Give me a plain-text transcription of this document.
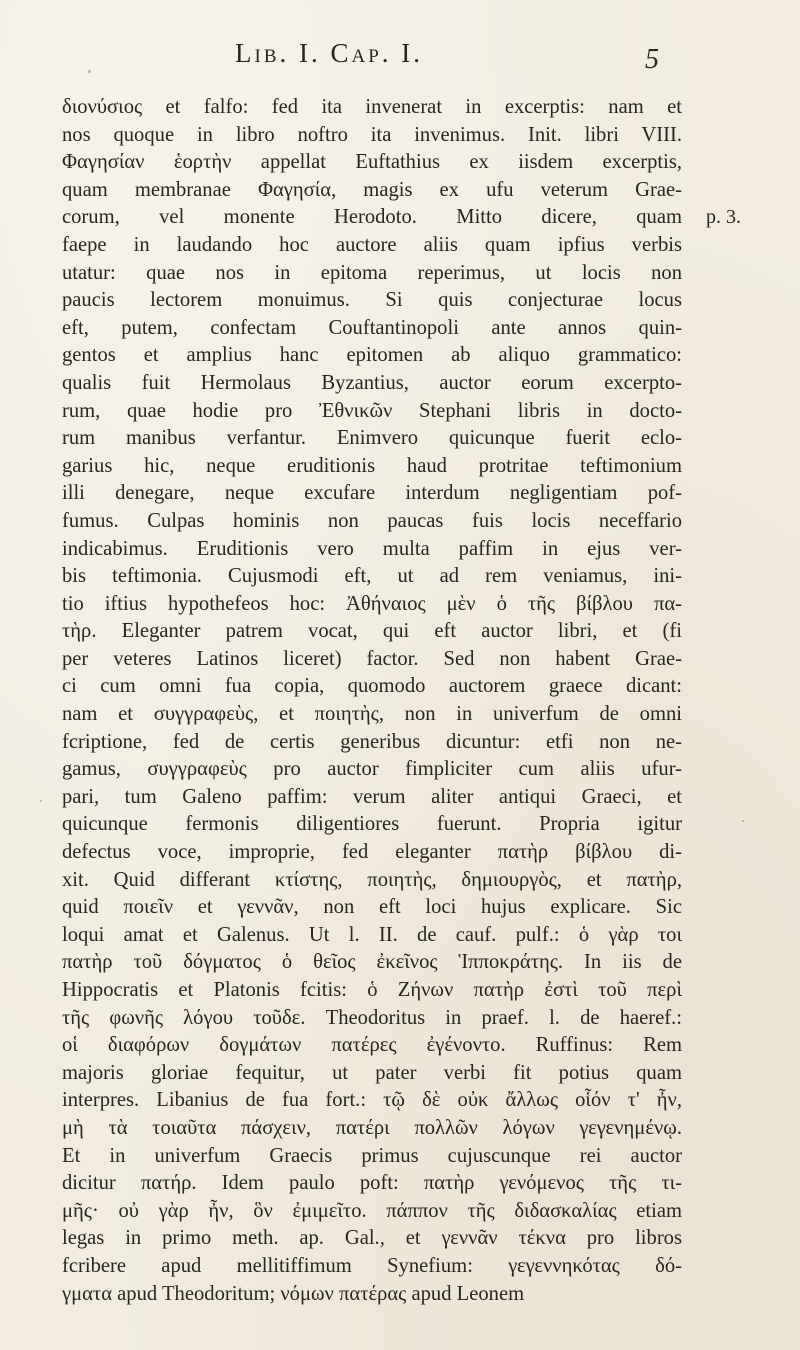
Lib. I. Cap. I.	5
διονύσιος et falfo: fed ita invenerat in excerptis: nam et
nos quoque in libro noftro ita invenimus. Init. libri VIII.
Φαγησίαν ἑορτὴν appellat Euftathius ex iisdem excerptis,
quam membranae Φαγησία, magis ex ufu veterum Grae-
corum, vel monente Herodoto. Mitto dicere, quam
faepe in laudando hoc auctore aliis quam ipfius verbis
utatur: quae nos in epitoma reperimus, ut locis non
paucis lectorem monuimus. Si quis conjecturae locus
eft, putem, confectam Couftantinopoli ante annos quin-
gentos et amplius hanc epitomen ab aliquo grammatico:
qualis fuit Hermolaus Byzantius, auctor eorum excerpto-
rum, quae hodie pro Ἐθνικῶν Stephani libris in docto-
rum manibus verfantur. Enimvero quicunque fuerit eclo-
garius hic, neque eruditionis haud protritae teftimonium
illi denegare, neque excufare interdum negligentiam pof-
fumus. Culpas hominis non paucas fuis locis neceffario
indicabimus. Eruditionis vero multa paffim in ejus ver-
bis teftimonia. Cujusmodi eft, ut ad rem veniamus, ini-
tio iftius hypothefeos hoc: Ἀθήναιος μὲν ὁ τῆς βίβλου πα-
τὴρ. Eleganter patrem vocat, qui eft auctor libri, et (fi
per veteres Latinos liceret) factor. Sed non habent Grae-
ci cum omni fua copia, quomodo auctorem graece dicant:
nam et συγγραφεὺς, et ποιητὴς, non in univerfum de omni
fcriptione, fed de certis generibus dicuntur: etfi non ne-
gamus, συγγραφεὺς pro auctor fimpliciter cum aliis ufur-
pari, tum Galeno paffim: verum aliter antiqui Graeci, et
quicunque fermonis diligentiores fuerunt. Propria igitur
defectus voce, improprie, fed eleganter πατὴρ βίβλου di-
xit. Quid differant κτίστης, ποιητὴς, δημιουργὸς, et πατὴρ,
quid ποιεῖν et γεννᾶν, non eft loci hujus explicare. Sic
loqui amat et Galenus. Ut l. II. de cauf. pulf.: ὁ γὰρ τοι
πατὴρ τοῦ δόγματος ὁ θεῖος ἐκεῖνος Ἱπποκράτης. In iis de
Hippocratis et Platonis fcitis: ὁ Ζήνων πατὴρ ἐστὶ τοῦ περὶ
τῆς φωνῆς λόγου τοῦδε. Theodoritus in praef. l. de haeref.:
οἱ διαφόρων δογμάτων πατέρες ἐγένοντο. Ruffinus: Rem
majoris gloriae fequitur, ut pater verbi fit potius quam
interpres. Libanius de fua fort.: τῷ δὲ οὐκ ἄλλως οἷόν τ' ἦν,
μὴ τὰ τοιαῦτα πάσχειν, πατέρι πολλῶν λόγων γεγενημένῳ.
Et in univerfum Graecis primus cujuscunque rei auctor
dicitur πατήρ. Idem paulo poft: πατὴρ γενόμενος τῆς τι-
μῆς· οὐ γὰρ ἦν, ὃν ἐμιμεῖτο. πάππον τῆς διδασκαλίας etiam
legas in primo meth. ap. Gal., et γεννᾶν τέκνα pro libros
fcribere apud mellitiffimum Synefium: γεγεννηκότας δό-
γματα apud Theodoritum; νόμων πατέρας apud Leonem
p. 3.
